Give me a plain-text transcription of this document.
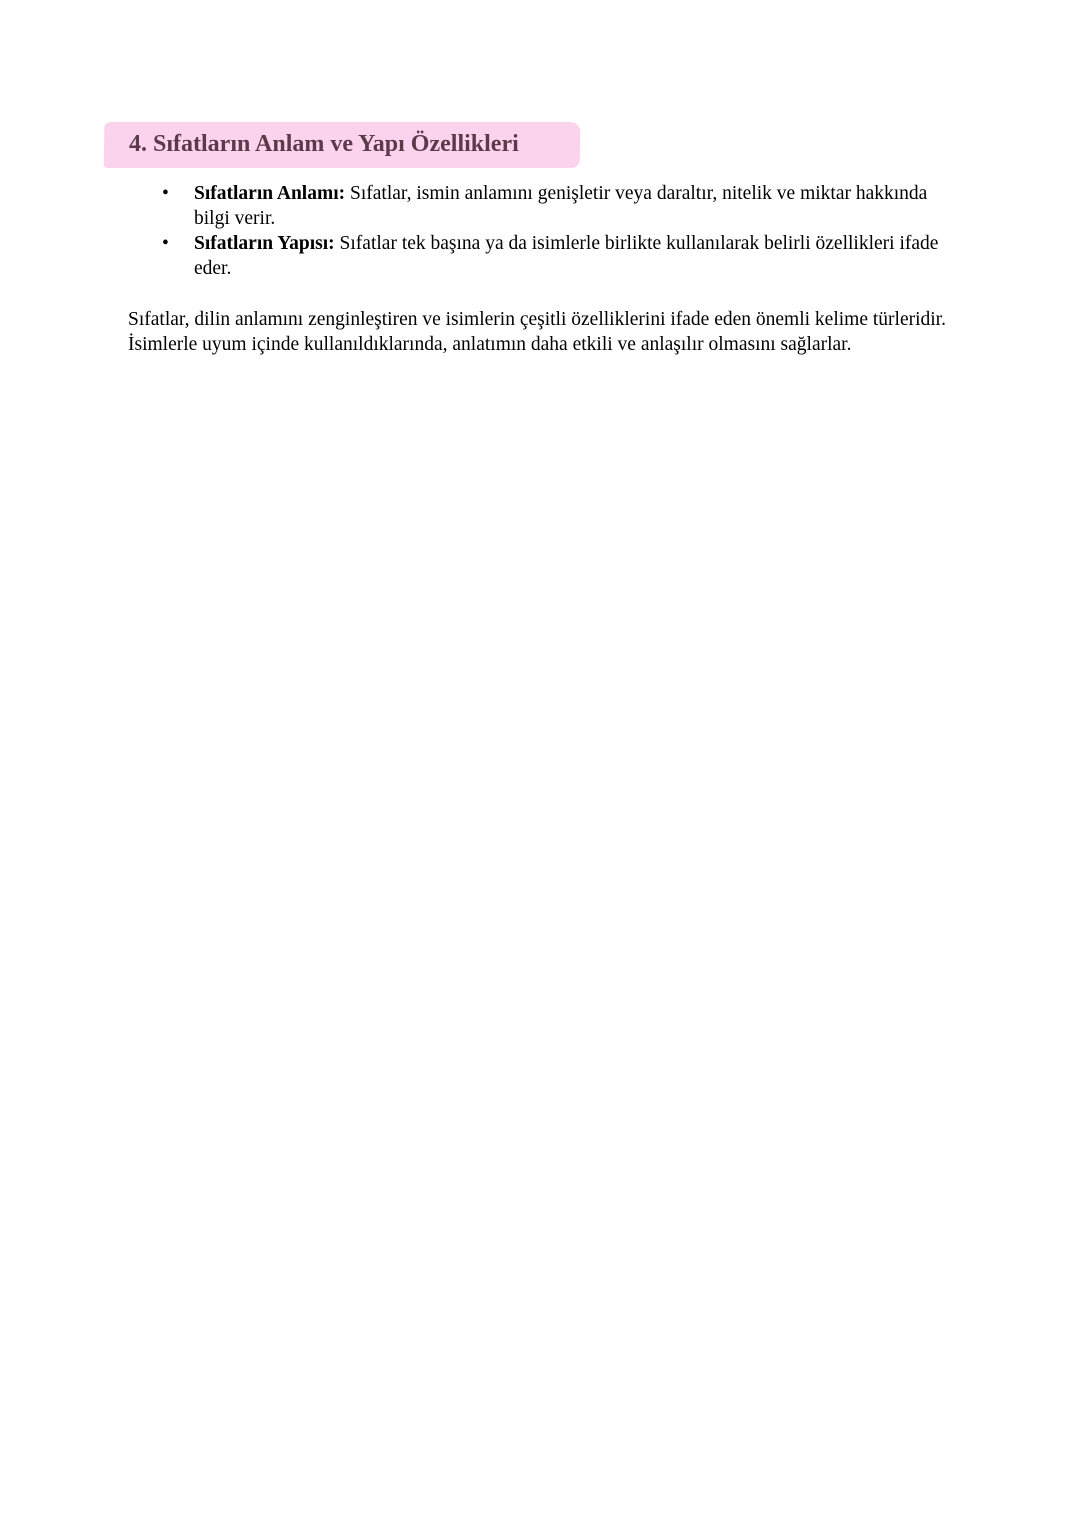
4. Sıfatların Anlam ve Yapı Özellikleri
• Sıfatların Anlamı: Sıfatlar, ismin anlamını genişletir veya daraltır, nitelik ve miktar hakkında bilgi verir.
• Sıfatların Yapısı: Sıfatlar tek başına ya da isimlerle birlikte kullanılarak belirli özellikleri ifade eder.

Sıfatlar, dilin anlamını zenginleştiren ve isimlerin çeşitli özelliklerini ifade eden önemli kelime türleridir. İsimlerle uyum içinde kullanıldıklarında, anlatımın daha etkili ve anlaşılır olmasını sağlarlar.
